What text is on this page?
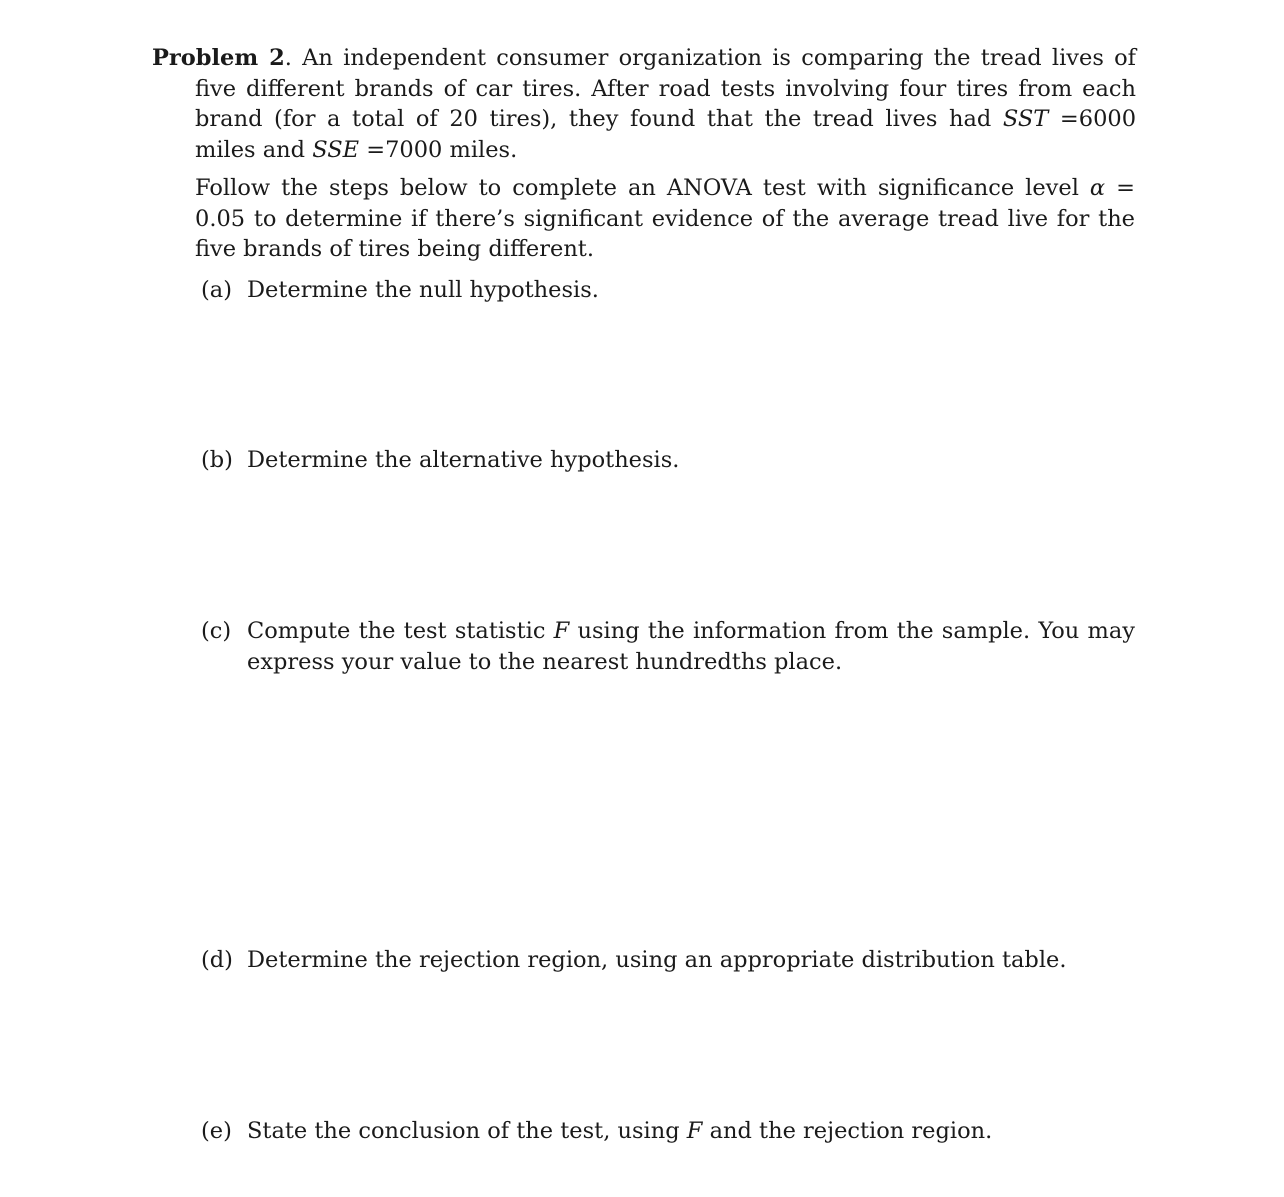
Problem 2. An independent consumer organization is comparing the tread lives of five different brands of car tires. After road tests involving four tires from each brand (for a total of 20 tires), they found that the tread lives had SST =6000 miles and SSE =7000 miles.
Follow the steps below to complete an ANOVA test with significance level α = 0.05 to determine if there’s significant evidence of the average tread live for the five brands of tires being different.
(a) Determine the null hypothesis.
(b) Determine the alternative hypothesis.
(c) Compute the test statistic F using the information from the sample. You may express your value to the nearest hundredths place.
(d) Determine the rejection region, using an appropriate distribution table.
(e) State the conclusion of the test, using F and the rejection region.
